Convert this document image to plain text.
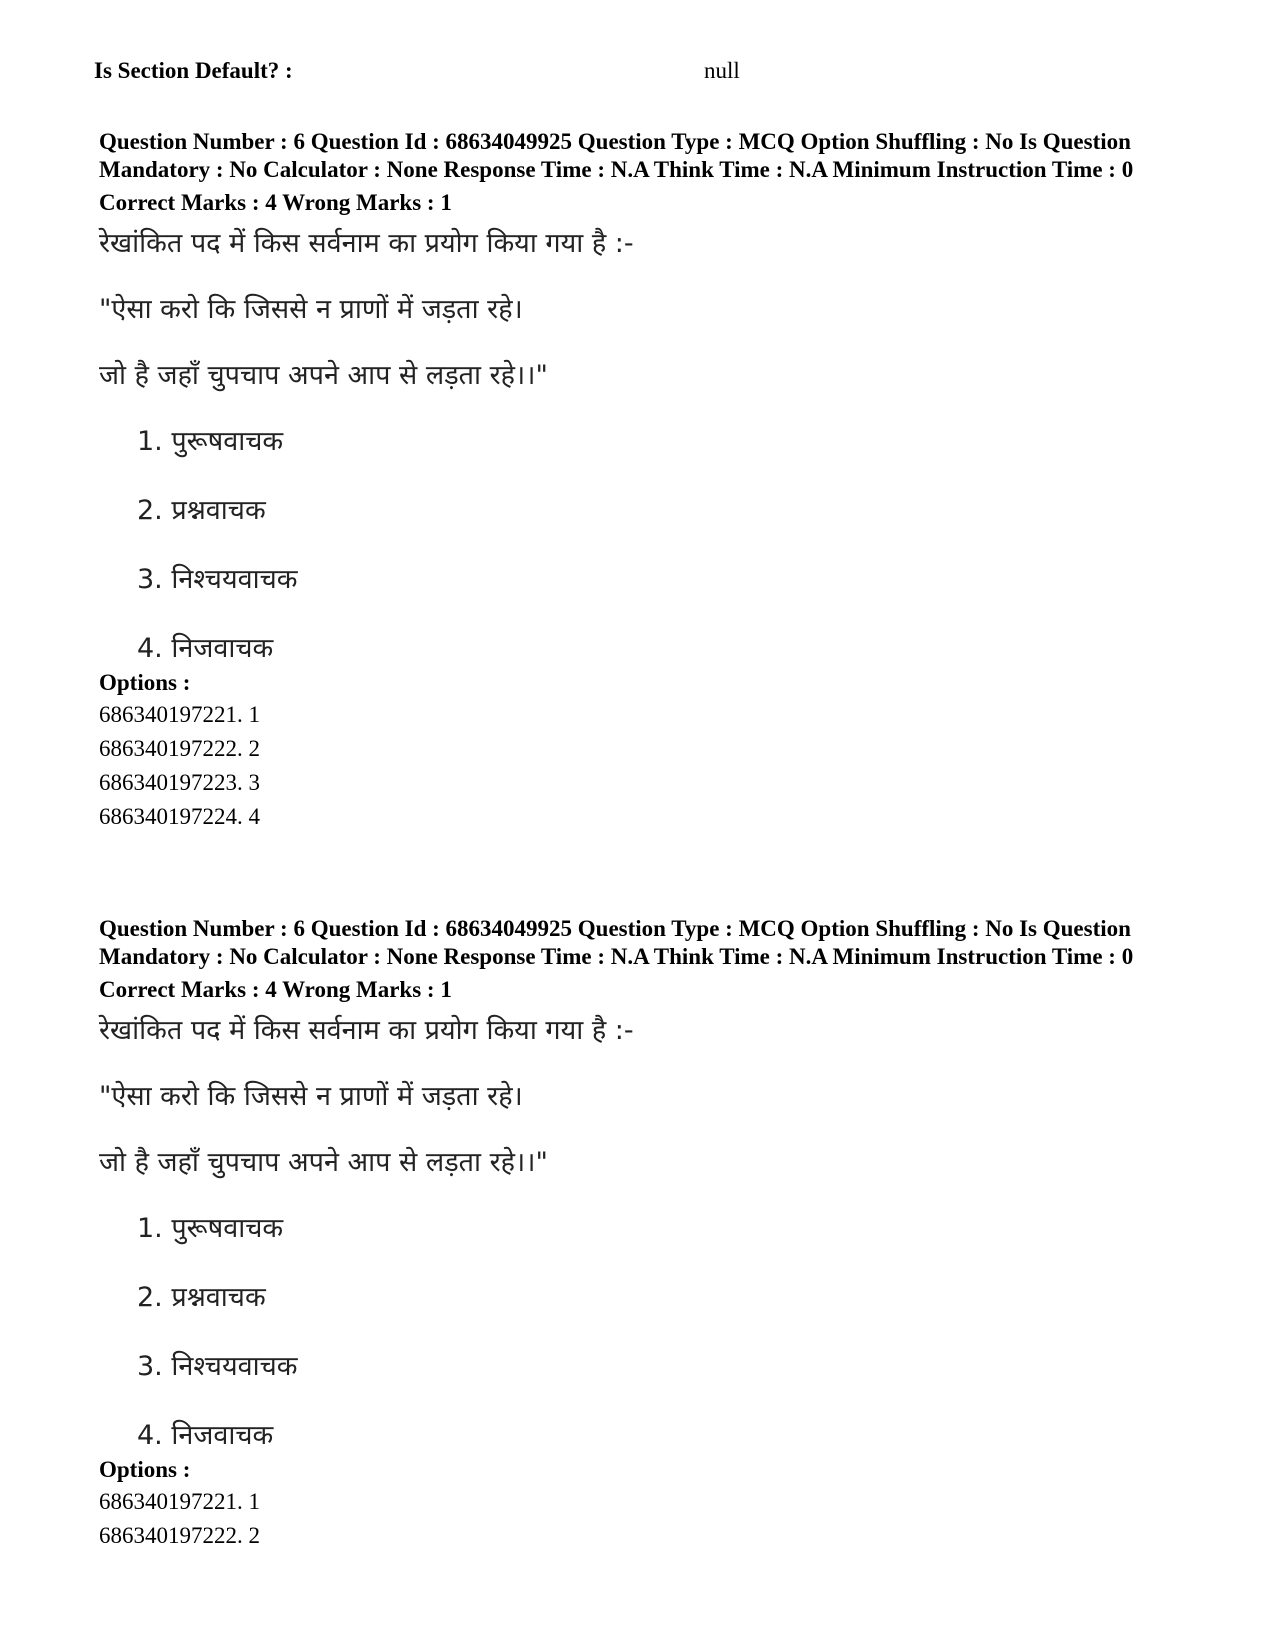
Is Section Default? :	null
Question Number : 6 Question Id : 68634049925 Question Type : MCQ Option Shuffling : No Is Question Mandatory : No Calculator : None Response Time : N.A Think Time : N.A Minimum Instruction Time : 0
Correct Marks : 4 Wrong Marks : 1
रेखांकित पद में किस सर्वनाम का प्रयोग किया गया है :-
"ऐसा करो कि जिससे न प्राणों में जड़ता रहे।
जो है जहाँ चुपचाप अपने आप से लड़ता रहे।।"
1. पुरूषवाचक
2. प्रश्नवाचक
3. निश्चयवाचक
4. निजवाचक
Options :
686340197221. 1
686340197222. 2
686340197223. 3
686340197224. 4
Question Number : 6 Question Id : 68634049925 Question Type : MCQ Option Shuffling : No Is Question Mandatory : No Calculator : None Response Time : N.A Think Time : N.A Minimum Instruction Time : 0
Correct Marks : 4 Wrong Marks : 1
रेखांकित पद में किस सर्वनाम का प्रयोग किया गया है :-
"ऐसा करो कि जिससे न प्राणों में जड़ता रहे।
जो है जहाँ चुपचाप अपने आप से लड़ता रहे।।"
1. पुरूषवाचक
2. प्रश्नवाचक
3. निश्चयवाचक
4. निजवाचक
Options :
686340197221. 1
686340197222. 2
